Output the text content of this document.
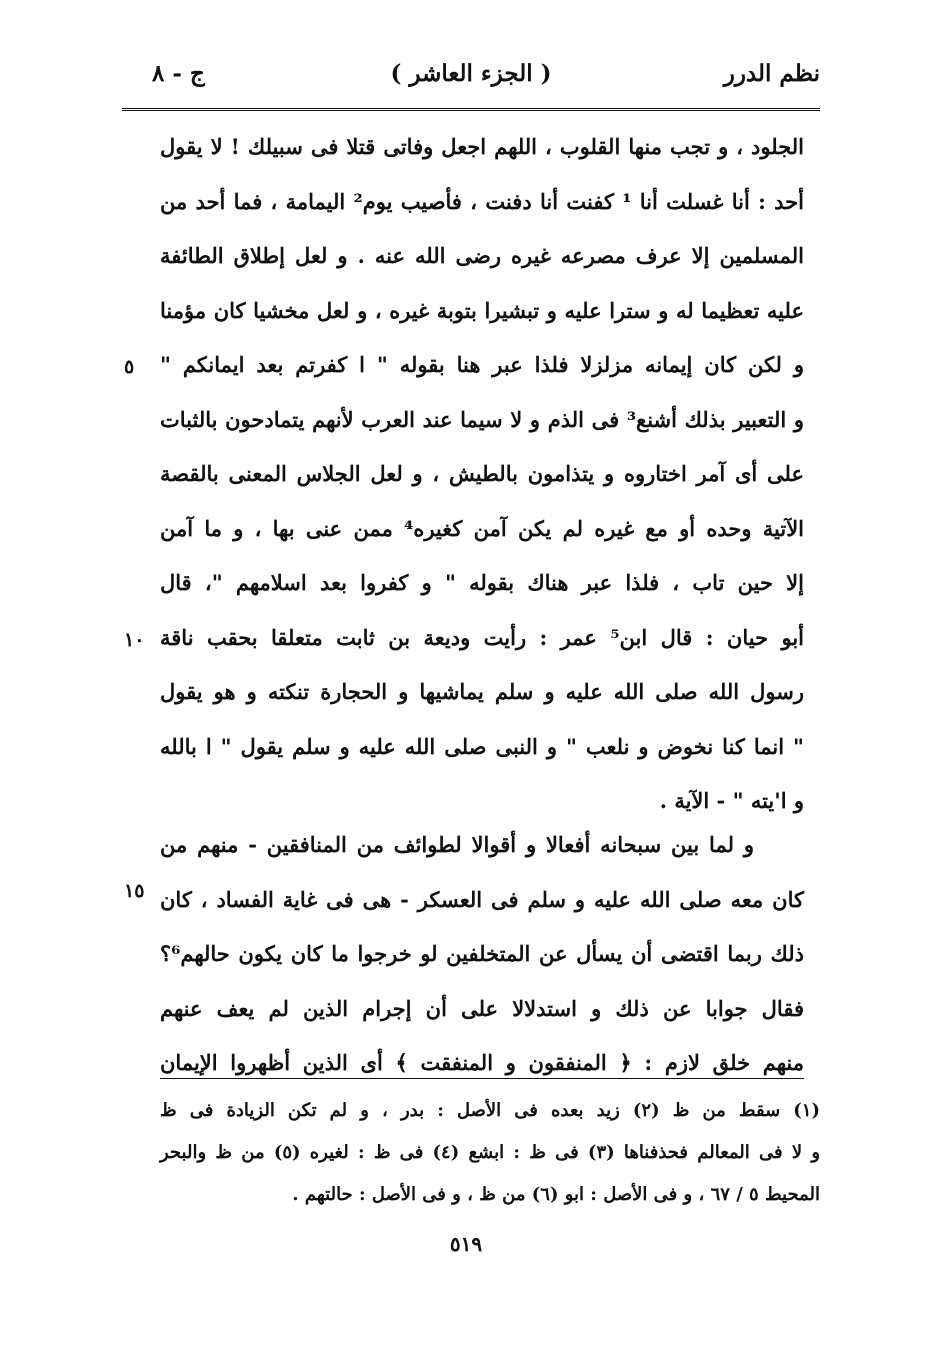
نظم الدرر
( الجزء العاشر )
ج - ٨
الجلود ، و تجب منها القلوب ، اللهم اجعل وفاتى قتلا فى سبيلك ! لا يقول
أحد : أنا غسلت أنا ¹ كفنت أنا دفنت ، فأصيب يوم² اليمامة ، فما أحد من
المسلمين إلا عرف مصرعه غيره رضى الله عنه . و لعل إطلاق الطائفة
عليه تعظيما له و سترا عليه و تبشيرا بتوبة غيره ، و لعل مخشيا كان مؤمنا
و لكن كان إيمانه مزلزلا فلذا عبر هنا بقوله " ا كفرتم بعد ايمانكم "
و التعبير بذلك أشنع³ فى الذم و لا سيما عند العرب لأنهم يتمادحون بالثبات
على أى آمر اختاروه و يتذامون بالطيش ، و لعل الجلاس المعنى بالقصة
الآتية وحده أو مع غيره لم يكن آمن كغيره⁴ ممن عنى بها ، و ما آمن
إلا حين تاب ، فلذا عبر هناك بقوله " و كفروا بعد اسلامهم "، قال
أبو حيان : قال ابن⁵ عمر : رأيت وديعة بن ثابت متعلقا بحقب ناقة
رسول الله صلى الله عليه و سلم يماشيها و الحجارة تنكته و هو يقول
" انما كنا نخوض و نلعب " و النبى صلى الله عليه و سلم يقول " ا بالله
و ا'يته " - الآية .
٥
١٠
١٥
و لما بين سبحانه أفعالا و أقوالا لطوائف من المنافقين - منهم من
كان معه صلى الله عليه و سلم فى العسكر - هى فى غاية الفساد ، كان
ذلك ربما اقتضى أن يسأل عن المتخلفين لو خرجوا ما كان يكون حالهم⁶؟
فقال جوابا عن ذلك و استدلالا على أن إجرام الذين لم يعف عنهم
منهم خلق لازم : ﴿ المنفقون و المنفقت ﴾ أى الذين أظهروا الإيمان
(١) سقط من ظ (٢) زيد بعده فى الأصل : بدر ، و لم تكن الزيادة فى ظ
و لا فى المعالم فحذفناها (٣) فى ظ : ابشع (٤) فى ظ : لغيره (٥) من ظ والبحر
المحيط ٥ / ٦٧ ، و فى الأصل : ابو (٦) من ظ ، و فى الأصل : حالتهم .
٥١٩
